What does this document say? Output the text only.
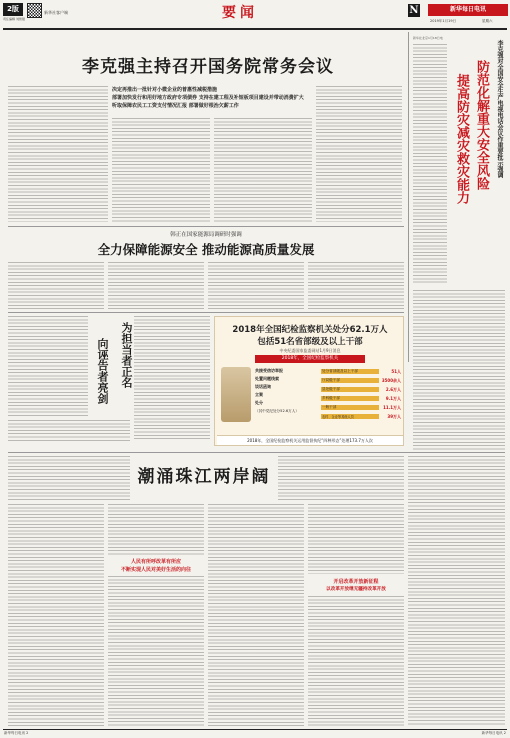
2版
责任编辑 刘智强
新华社客户端	要闻	N	新华每日电讯
2019年1月19日	星期六
李克强主持召开国务院常务会议
决定再推出一批针对小微企业的普惠性减税措施
部署加快发行和用好地方政府专项债券 支持在建工程及补短板项目建设并带动消费扩大
听取保障农民工工资支付情况汇报 部署做好根治欠薪工作	李克强对全国安全生产电视电话会议作重要批示强调
防范化解重大安全风险
提高防灾减灾救灾能力
新华社北京1月18日电
韩正在国家能源局调研时强调
全力保障能源安全 推动能源高质量发展
为担当者正名
向诬告者亮剑
2018年全国纪检监察机关处分62.1万人
包括51名省部级及以上干部
中央纪委国家监委网站1月9日消息
2018年，全国纪检监察机关
共接受信访举报
处置问题线索
谈话函询
立案
处分
（其中党纪处分52.6万人）
处分省部级及以上干部	51人
厅局级干部	3500余人
县处级干部	2.6万人
乡科级干部	9.1万人
一般干部	11.1万人
农村、企业等其他人员	39万人
2018年，全国纪检监察机关运用监督执纪“四种形态”处理173.7万人次
潮涌珠江两岸阔
人民有所呼改革有所应
不断实现人民对美好生活的向往
开启改革开放新征程
以改革开放继无疆持改革开放
新华每日电讯 2	新华每日电讯 2
